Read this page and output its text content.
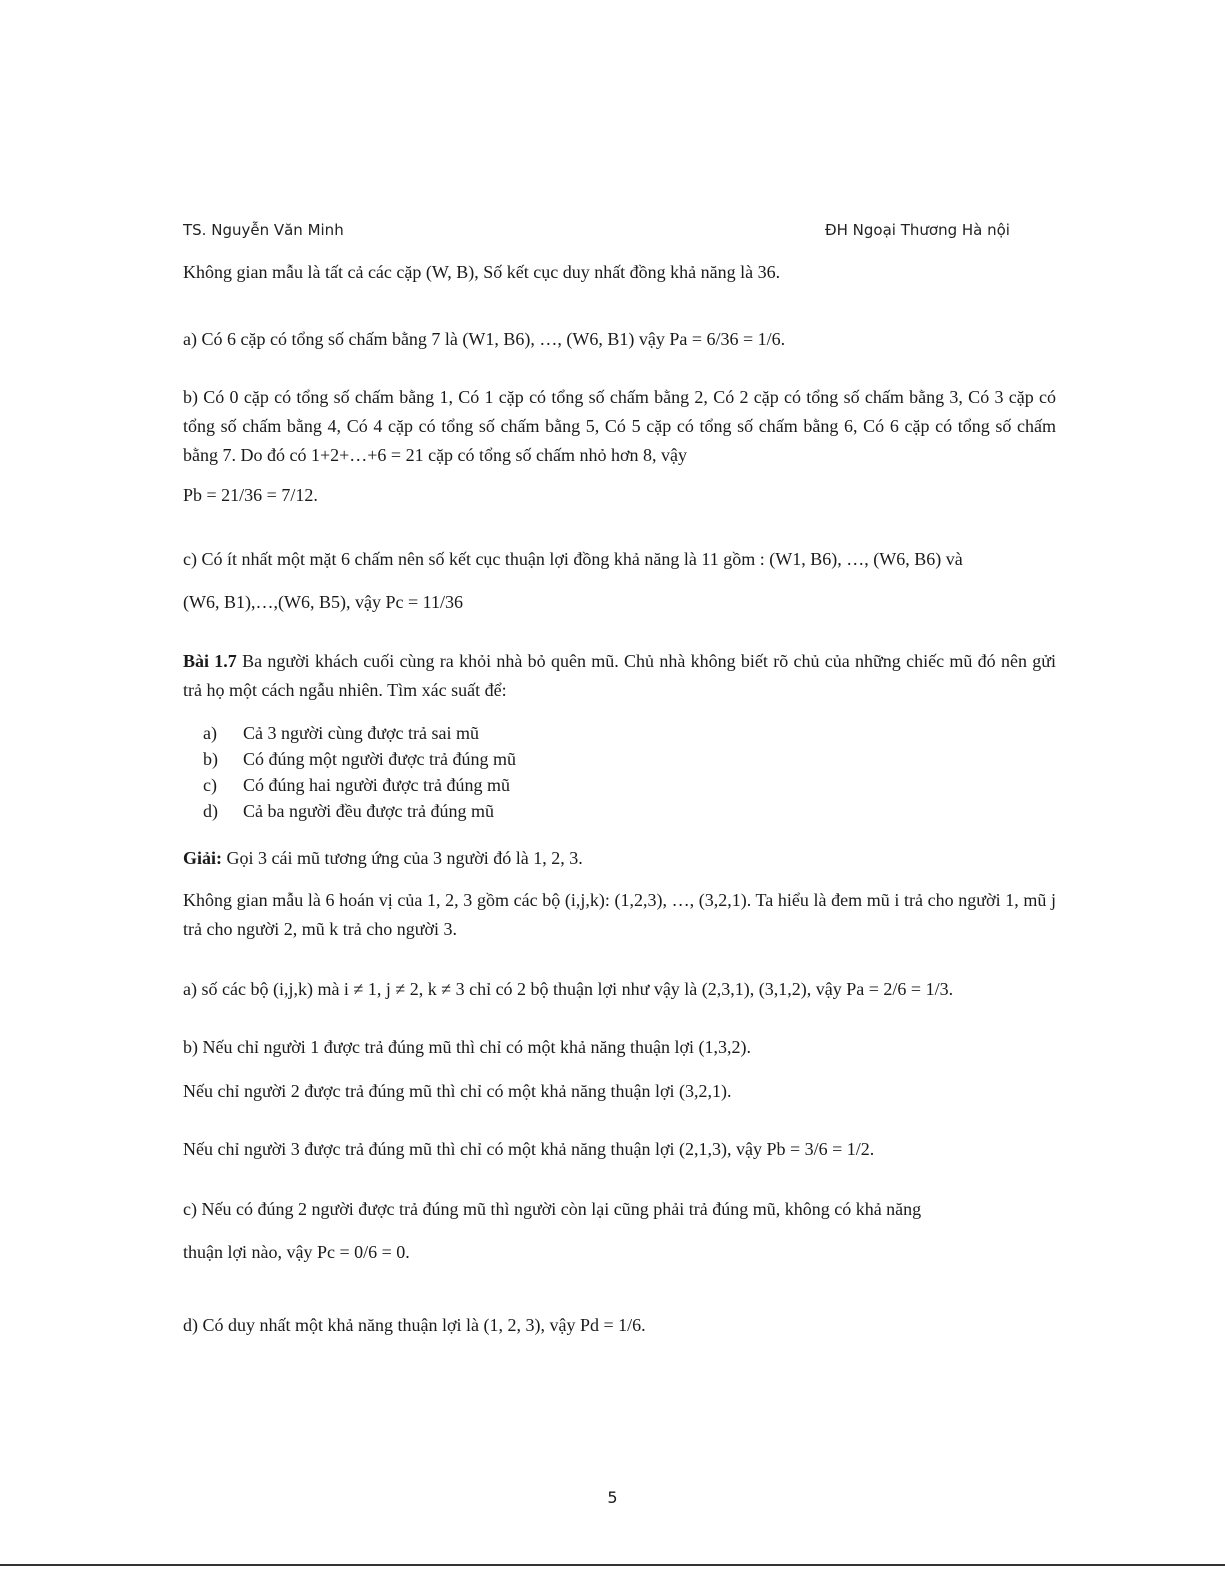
TS. Nguyễn Văn Minh	ĐH Ngoại Thương Hà nội
Không gian mẫu là tất cả các cặp (W, B), Số kết cục duy nhất đồng khả năng là 36.
a) Có 6 cặp có tổng số chấm bằng 7 là (W1, B6), …, (W6, B1) vậy Pa = 6/36 = 1/6.
b) Có 0 cặp có tổng số chấm bằng 1, Có 1 cặp có tổng số chấm bằng 2, Có 2 cặp có tổng số chấm bằng 3, Có 3 cặp có tổng số chấm bằng 4, Có 4 cặp có tổng số chấm bằng 5, Có 5 cặp có tổng số chấm bằng 6, Có 6 cặp có tổng số chấm bằng 7. Do đó có 1+2+…+6 = 21 cặp có tổng số chấm nhỏ hơn 8, vậy
Pb = 21/36 = 7/12.
c) Có ít nhất một mặt 6 chấm nên số kết cục thuận lợi đồng khả năng là 11 gồm : (W1, B6), …, (W6, B6) và
(W6, B1),…,(W6, B5), vậy Pc = 11/36
Bài 1.7 Ba người khách cuối cùng ra khỏi nhà bỏ quên mũ. Chủ nhà không biết rõ chủ của những chiếc mũ đó nên gửi trả họ một cách ngẫu nhiên. Tìm xác suất để:
a) Cả 3 người cùng được trả sai mũ
b) Có đúng một người được trả đúng mũ
c) Có đúng hai người được trả đúng mũ
d) Cả ba người đều được trả đúng mũ
Giải: Gọi 3 cái mũ tương ứng của 3 người đó là 1, 2, 3.
Không gian mẫu là 6 hoán vị của 1, 2, 3 gồm các bộ (i,j,k): (1,2,3), …, (3,2,1). Ta hiểu là đem mũ i trả cho người 1, mũ j trả cho người 2, mũ k trả cho người 3.
a) số các bộ (i,j,k) mà i ≠ 1, j ≠ 2, k ≠ 3 chỉ có 2 bộ thuận lợi như vậy là (2,3,1), (3,1,2), vậy Pa = 2/6 = 1/3.
b) Nếu chỉ người 1 được trả đúng mũ thì chỉ có một khả năng thuận lợi (1,3,2).
Nếu chỉ người 2 được trả đúng mũ thì chỉ có một khả năng thuận lợi (3,2,1).
Nếu chỉ người 3 được trả đúng mũ thì chỉ có một khả năng thuận lợi (2,1,3), vậy Pb = 3/6 = 1/2.
c) Nếu có đúng 2 người được trả đúng mũ thì người còn lại cũng phải trả đúng mũ, không có khả năng
thuận lợi nào, vậy Pc = 0/6 = 0.
d) Có duy nhất một khả năng thuận lợi là (1, 2, 3), vậy Pd = 1/6.
5
